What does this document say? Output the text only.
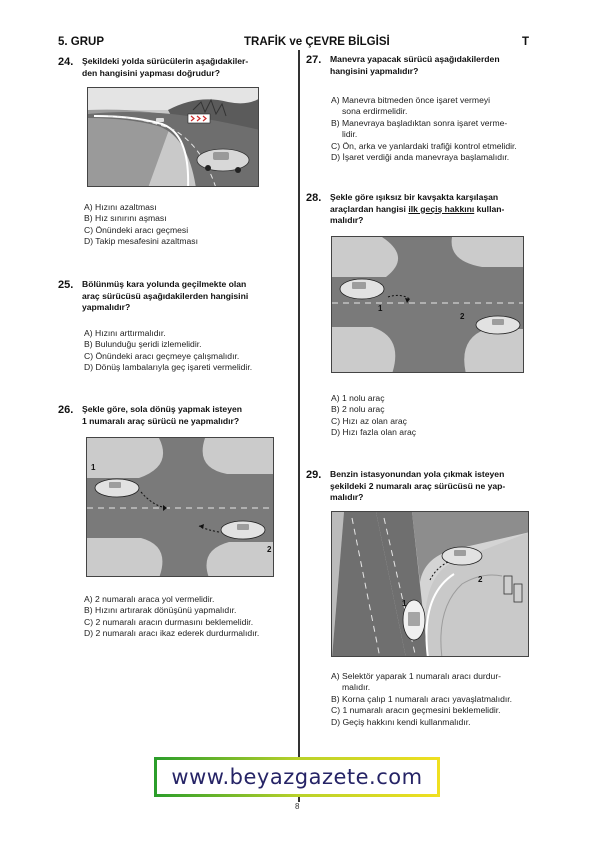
5. GRUP	TRAFİK ve ÇEVRE BİLGİSİ	T
24. Şekildeki yolda sürücülerin aşağıdakiler-
den hangisini yapması doğrudur?
A) Hızını azaltması
B) Hız sınırını aşması
C) Önündeki aracı geçmesi
D) Takip mesafesini azaltması
25. Bölünmüş kara yolunda geçilmekte olan
araç sürücüsü aşağıdakilerden hangisini
yapmalıdır?
A) Hızını arttırmalıdır.
B) Bulunduğu şeridi izlemelidir.
C) Önündeki aracı geçmeye çalışmalıdır.
D) Dönüş lambalarıyla geç işareti vermelidir.
26. Şekle göre, sola dönüş yapmak isteyen
1 numaralı araç sürücü ne yapmalıdır?
1
2
A) 2 numaralı araca yol vermelidir.
B) Hızını artırarak dönüşünü yapmalıdır.
C) 2 numaralı aracın durmasını beklemelidir.
D) 2 numaralı aracı ikaz ederek durdurmalıdır.
27. Manevra yapacak sürücü aşağıdakilerden
hangisini yapmalıdır?
A) Manevra bitmeden önce işaret vermeyi
sona erdirmelidir.
B) Manevraya başladıktan sonra işaret verme-
lidir.
C) Ön, arka ve yanlardaki trafiği kontrol etmelidir.
D) İşaret verdiği anda manevraya başlamalıdır.
28. Şekle göre ışıksız bir kavşakta karşılaşan
araçlardan hangisi ilk geçiş hakkını kullan-
malıdır?
1
2
A) 1 nolu araç
B) 2 nolu araç
C) Hızı az olan araç
D) Hızı fazla olan araç
29. Benzin istasyonundan yola çıkmak isteyen
şekildeki 2 numaralı araç sürücüsü ne yap-
malıdır?
1
2
A) Selektör yaparak 1 numaralı aracı durdur-
malıdır.
B) Korna çalıp 1 numaralı aracı yavaşlatmalıdır.
C) 1 numaralı aracın geçmesini beklemelidir.
D) Geçiş hakkını kendi kullanmalıdır.
www.beyazgazete.com
8
